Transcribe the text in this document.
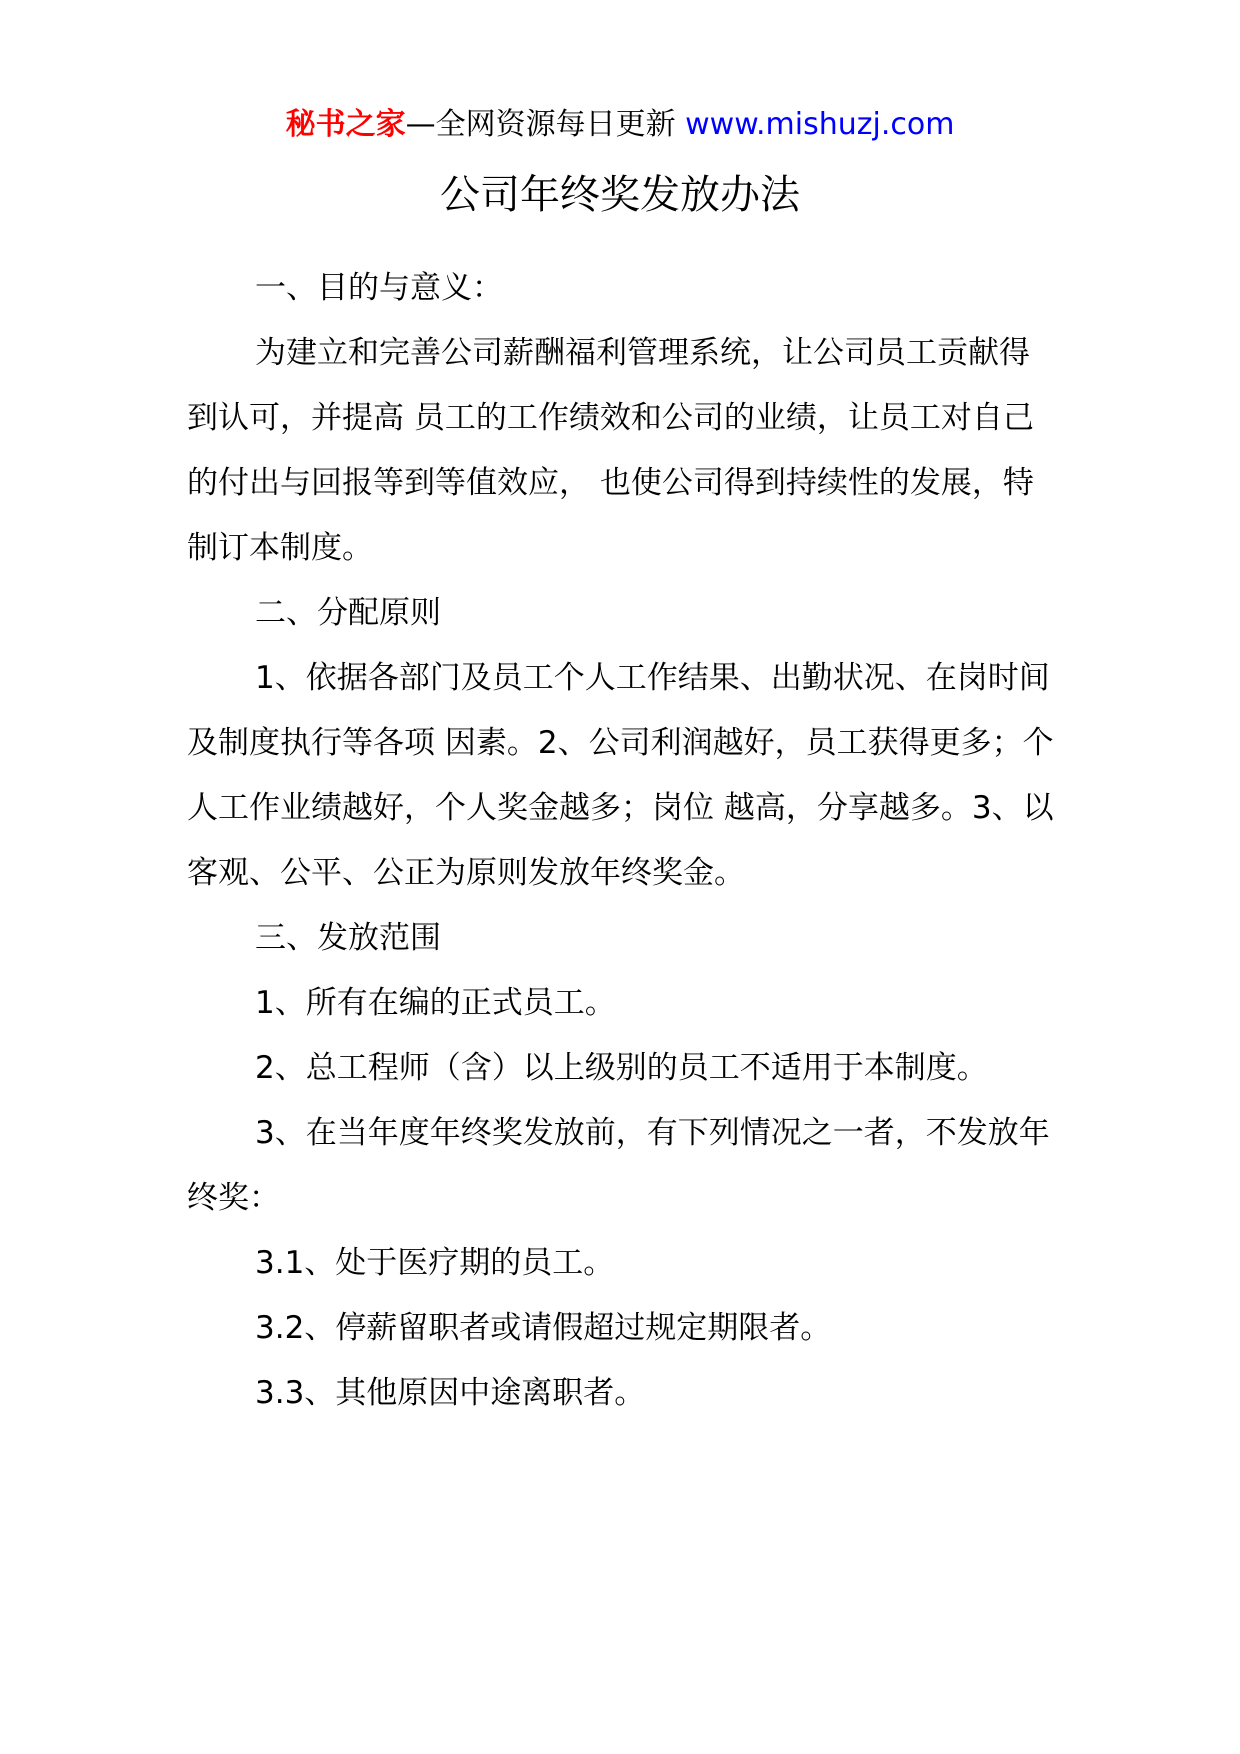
秘书之家—全网资源每日更新 www.mishuzj.com
公司年终奖发放办法

一、目的与意义：

为建立和完善公司薪酬福利管理系统，让公司员工贡献得到认可，并提高 员工的工作绩效和公司的业绩，让员工对自己的付出与回报等到等值效应， 也使公司得到持续性的发展，特制订本制度。

二、分配原则

1、依据各部门及员工个人工作结果、出勤状况、在岗时间及制度执行等各项 因素。2、公司利润越好，员工获得更多；个人工作业绩越好，个人奖金越多；岗位 越高，分享越多。3、以客观、公平、公正为原则发放年终奖金。

三、发放范围

1、所有在编的正式员工。

2、总工程师（含）以上级别的员工不适用于本制度。

3、在当年度年终奖发放前，有下列情况之一者，不发放年终奖：

3.1、处于医疗期的员工。

3.2、停薪留职者或请假超过规定期限者。

3.3、其他原因中途离职者。
